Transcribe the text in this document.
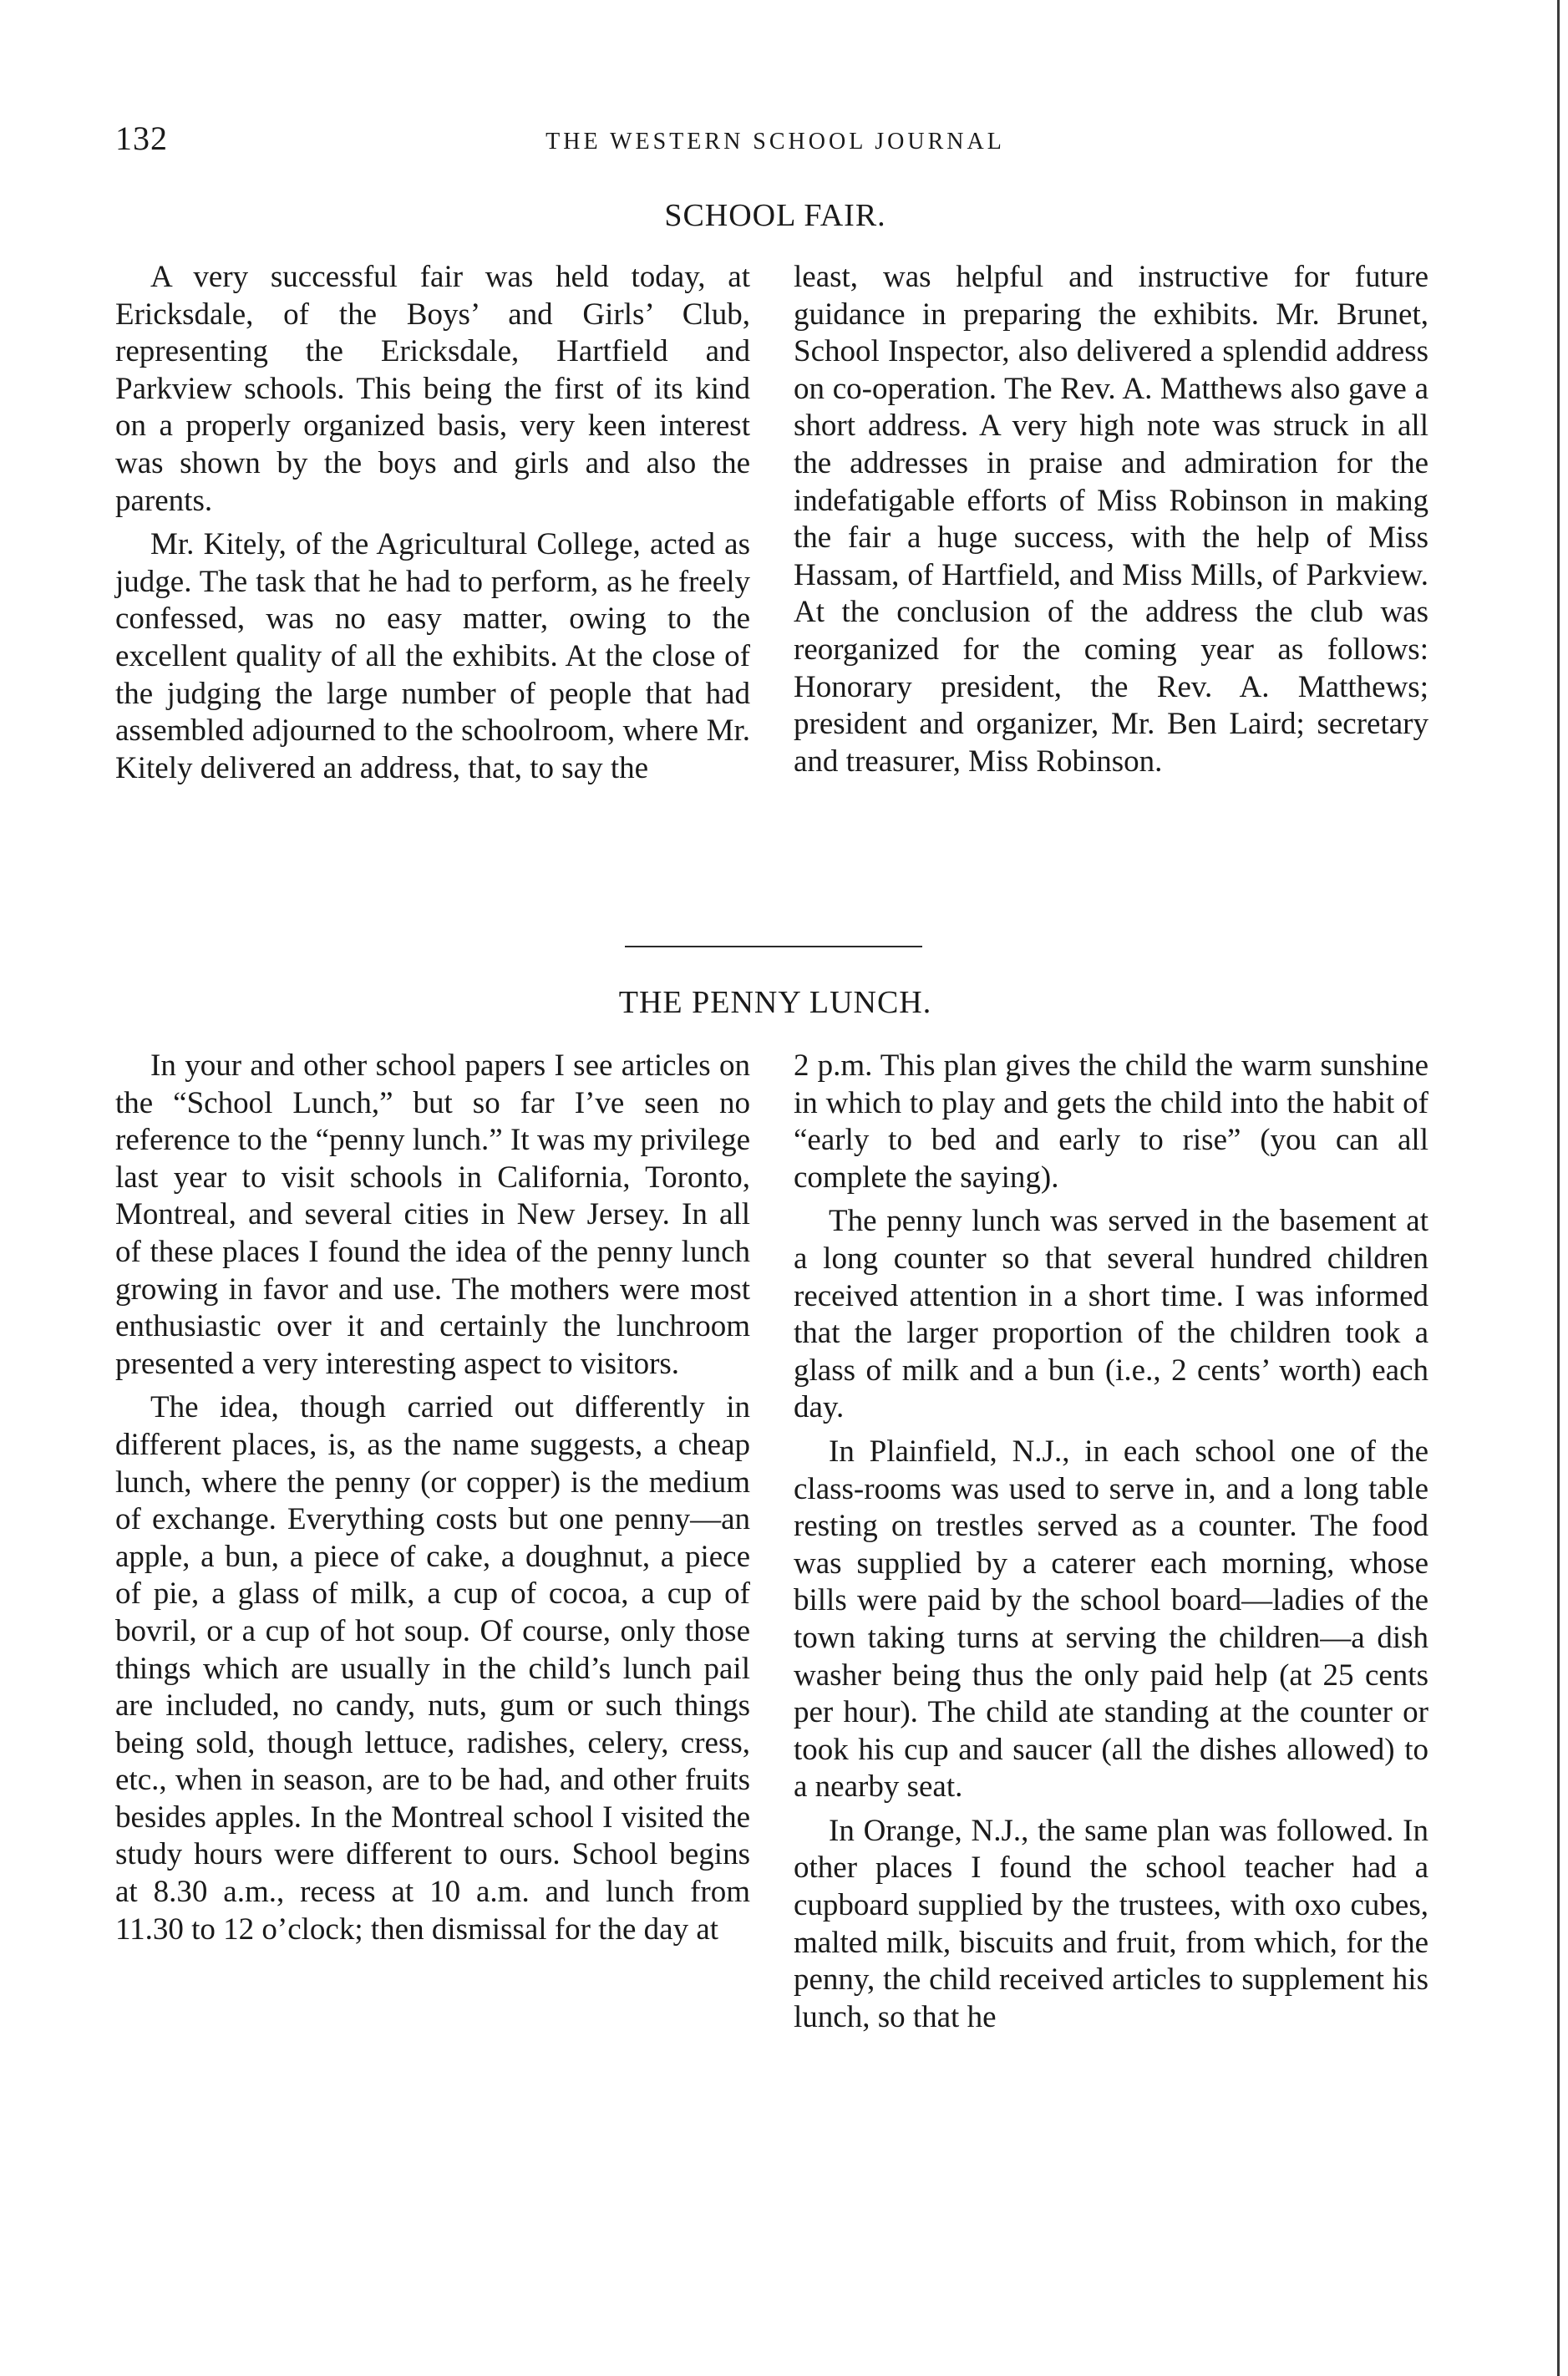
132	THE WESTERN SCHOOL JOURNAL
SCHOOL FAIR.

A very successful fair was held today, at Ericksdale, of the Boys’ and Girls’ Club, representing the Ericksdale, Hartfield and Parkview schools. This being the first of its kind on a properly organized basis, very keen interest was shown by the boys and girls and also the parents.

Mr. Kitely, of the Agricultural College, acted as judge. The task that he had to perform, as he freely confessed, was no easy matter, owing to the excellent quality of all the exhibits. At the close of the judging the large number of people that had assembled adjourned to the schoolroom, where Mr. Kitely delivered an address, that, to say the

least, was helpful and instructive for future guidance in preparing the exhibits. Mr. Brunet, School Inspector, also delivered a splendid address on co-operation. The Rev. A. Matthews also gave a short address. A very high note was struck in all the addresses in praise and admiration for the indefatigable efforts of Miss Robinson in making the fair a huge success, with the help of Miss Hassam, of Hartfield, and Miss Mills, of Parkview. At the conclusion of the address the club was reorganized for the coming year as follows: Honorary president, the Rev. A. Matthews; president and organizer, Mr. Ben Laird; secretary and treasurer, Miss Robinson.

THE PENNY LUNCH.

In your and other school papers I see articles on the “School Lunch,” but so far I’ve seen no reference to the “penny lunch.” It was my privilege last year to visit schools in California, Toronto, Montreal, and several cities in New Jersey. In all of these places I found the idea of the penny lunch growing in favor and use. The mothers were most enthusiastic over it and certainly the lunchroom presented a very interesting aspect to visitors.

The idea, though carried out differently in different places, is, as the name suggests, a cheap lunch, where the penny (or copper) is the medium of exchange. Everything costs but one penny—an apple, a bun, a piece of cake, a doughnut, a piece of pie, a glass of milk, a cup of cocoa, a cup of bovril, or a cup of hot soup. Of course, only those things which are usually in the child’s lunch pail are included, no candy, nuts, gum or such things being sold, though lettuce, radishes, celery, cress, etc., when in season, are to be had, and other fruits besides apples. In the Montreal school I visited the study hours were different to ours. School begins at 8.30 a.m., recess at 10 a.m. and lunch from 11.30 to 12 o’clock; then dismissal for the day at

2 p.m. This plan gives the child the warm sunshine in which to play and gets the child into the habit of “early to bed and early to rise” (you can all complete the saying).

The penny lunch was served in the basement at a long counter so that several hundred children received attention in a short time. I was informed that the larger proportion of the children took a glass of milk and a bun (i.e., 2 cents’ worth) each day.

In Plainfield, N.J., in each school one of the class-rooms was used to serve in, and a long table resting on trestles served as a counter. The food was supplied by a caterer each morning, whose bills were paid by the school board—ladies of the town taking turns at serving the children—a dish washer being thus the only paid help (at 25 cents per hour). The child ate standing at the counter or took his cup and saucer (all the dishes allowed) to a nearby seat.

In Orange, N.J., the same plan was followed. In other places I found the school teacher had a cupboard supplied by the trustees, with oxo cubes, malted milk, biscuits and fruit, from which, for the penny, the child received articles to supplement his lunch, so that he
